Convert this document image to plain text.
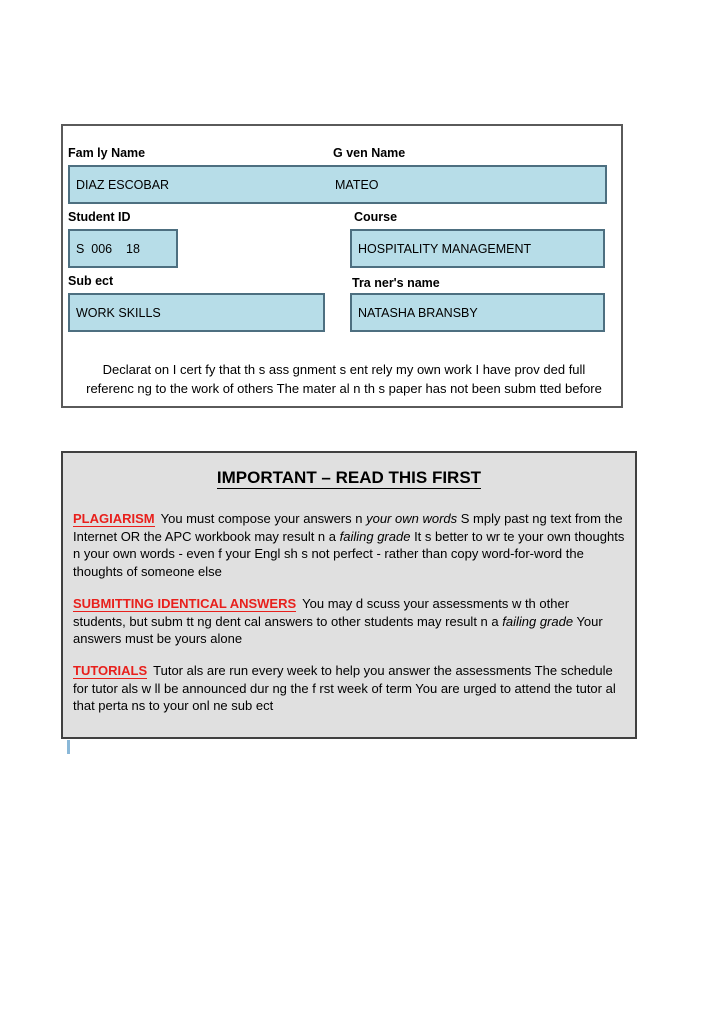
Fam ly Name	G ven Name
DIAZ ESCOBAR	MATEO
Student ID	Course
S  006    18	HOSPITALITY MANAGEMENT
Sub ect	Tra ner's name
WORK SKILLS	NATASHA BRANSBY
Declarat on I cert fy that th s ass gnment s ent rely my own work I have prov ded full
referenc ng to the work of others The mater al n th s paper has not been subm tted before
IMPORTANT – READ THIS FIRST
PLAGIARISM You must compose your answers n your own words S mply past ng text from the Internet OR the APC workbook may result n a failing grade It s better to wr te your own thoughts n your own words - even f your Engl sh s not perfect - rather than copy word-for-word the thoughts of someone else
SUBMITTING IDENTICAL ANSWERS You may d scuss your assessments w th other students, but subm tt ng dent cal answers to other students may result n a failing grade Your answers must be yours alone
TUTORIALS Tutor als are run every week to help you answer the assessments The schedule for tutor als w ll be announced dur ng the f rst week of term You are urged to attend the tutor al that perta ns to your onl ne sub ect
